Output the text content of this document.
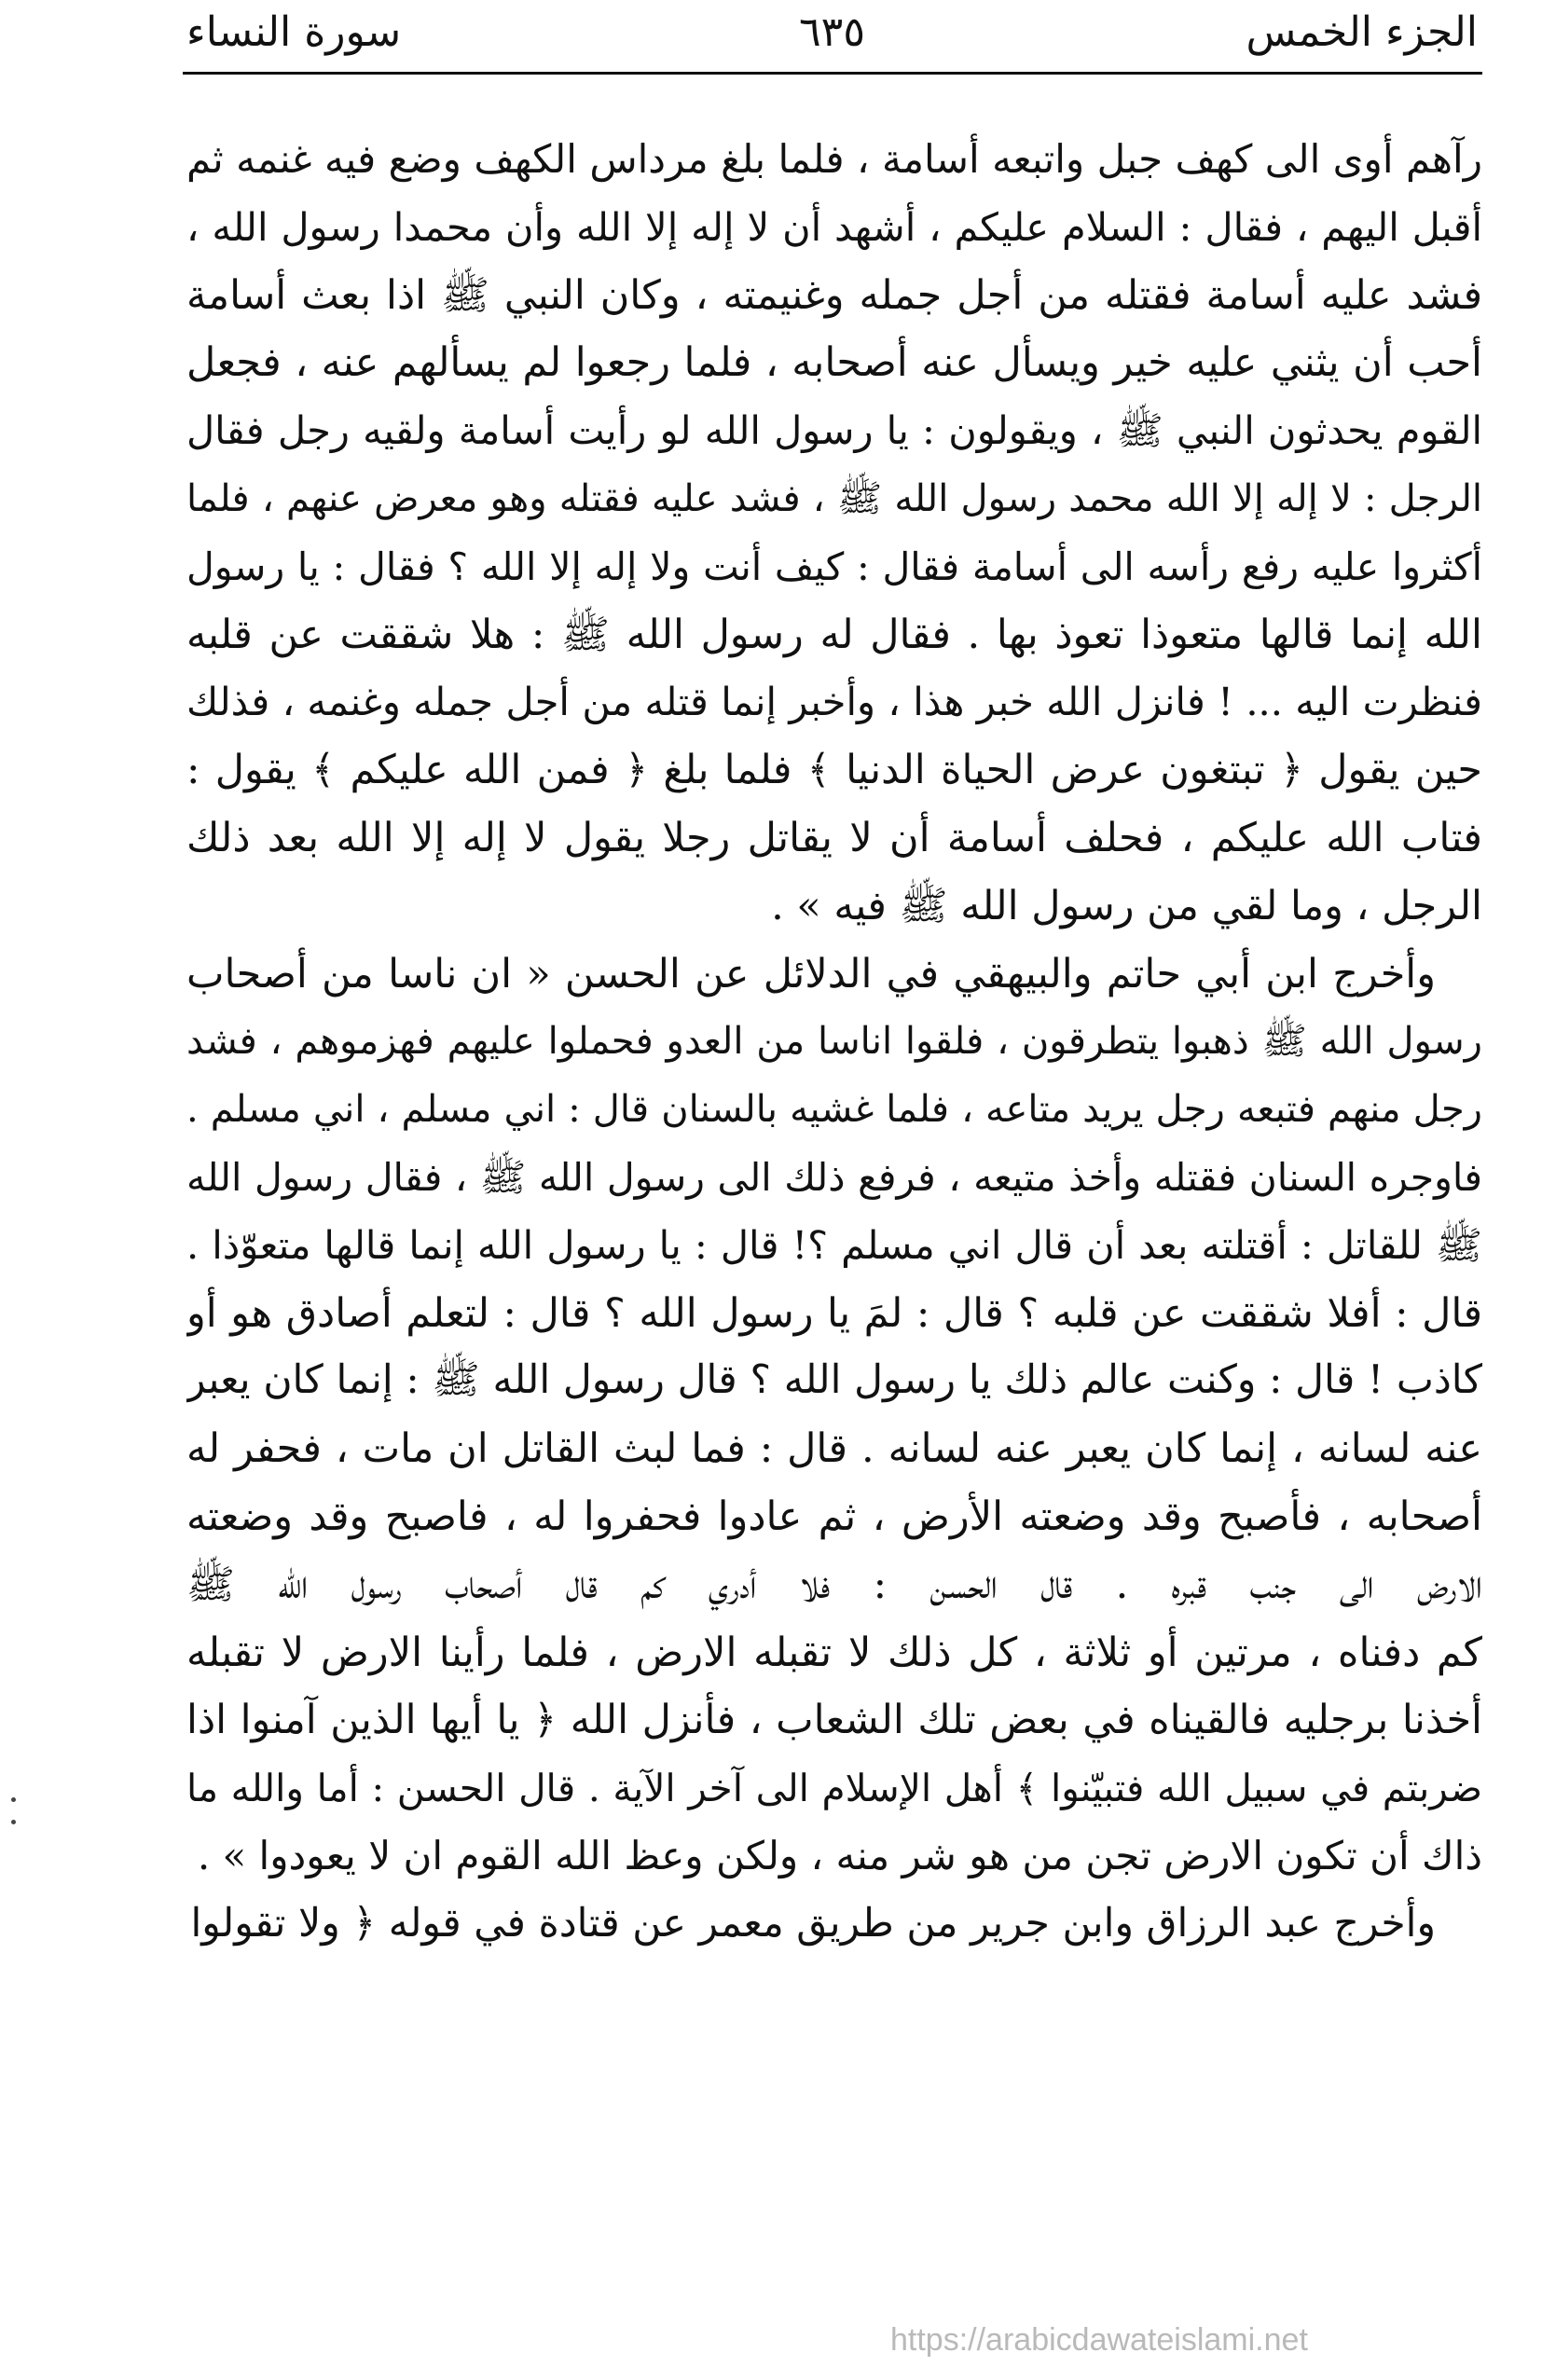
الجزء الخمس
٦٣٥
سورة النساء
رآهم أوى الى كهف جبل واتبعه أسامة ، فلما بلغ مرداس الكهف وضع فيه غنمه ثم
أقبل اليهم ، فقال : السلام عليكم ، أشهد أن لا إله إلا الله وأن محمدا رسول الله ،
فشد عليه أسامة فقتله من أجل جمله وغنيمته ، وكان النبي ﷺ اذا بعث أسامة
أحب أن يثني عليه خير ويسأل عنه أصحابه ، فلما رجعوا لم يسألهم عنه ، فجعل
القوم يحدثون النبي ﷺ ، ويقولون : يا رسول الله لو رأيت أسامة ولقيه رجل فقال
الرجل : لا إله إلا الله محمد رسول الله ﷺ ، فشد عليه فقتله وهو معرض عنهم ، فلما
أكثروا عليه رفع رأسه الى أسامة فقال : كيف أنت ولا إله إلا الله ؟ فقال : يا رسول
الله إنما قالها متعوذا تعوذ بها . فقال له رسول الله ﷺ : هلا شققت عن قلبه
فنظرت اليه ... ! فانزل الله خبر هذا ، وأخبر إنما قتله من أجل جمله وغنمه ، فذلك
حين يقول ﴿ تبتغون عرض الحياة الدنيا ﴾ فلما بلغ ﴿ فمن الله عليكم ﴾ يقول :
فتاب الله عليكم ، فحلف أسامة أن لا يقاتل رجلا يقول لا إله إلا الله بعد ذلك
الرجل ، وما لقي من رسول الله ﷺ فيه » .
وأخرج ابن أبي حاتم والبيهقي في الدلائل عن الحسن « ان ناسا من أصحاب
رسول الله ﷺ ذهبوا يتطرقون ، فلقوا اناسا من العدو فحملوا عليهم فهزموهم ، فشد
رجل منهم فتبعه رجل يريد متاعه ، فلما غشيه بالسنان قال : اني مسلم ، اني مسلم .
فاوجره السنان فقتله وأخذ متيعه ، فرفع ذلك الى رسول الله ﷺ ، فقال رسول الله
ﷺ للقاتل : أقتلته بعد أن قال اني مسلم ؟! قال : يا رسول الله إنما قالها متعوّذا .
قال : أفلا شققت عن قلبه ؟ قال : لمَ يا رسول الله ؟ قال : لتعلم أصادق هو أو
كاذب ! قال : وكنت عالم ذلك يا رسول الله ؟ قال رسول الله ﷺ : إنما كان يعبر
عنه لسانه ، إنما كان يعبر عنه لسانه . قال : فما لبث القاتل ان مات ، فحفر له
أصحابه ، فأصبح وقد وضعته الأرض ، ثم عادوا فحفروا له ، فاصبح وقد وضعته
الارض الى جنب قبره . قال الحسن : فلا أدري كم قال أصحاب رسول الله ﷺ
كم دفناه ، مرتين أو ثلاثة ، كل ذلك لا تقبله الارض ، فلما رأينا الارض لا تقبله
أخذنا برجليه فالقيناه في بعض تلك الشعاب ، فأنزل الله ﴿ يا أيها الذين آمنوا اذا
ضربتم في سبيل الله فتبيّنوا ﴾ أهل الإسلام الى آخر الآية . قال الحسن : أما والله ما
ذاك أن تكون الارض تجن من هو شر منه ، ولكن وعظ الله القوم ان لا يعودوا » .
وأخرج عبد الرزاق وابن جرير من طريق معمر عن قتادة في قوله ﴿ ولا تقولوا
https://arabicdawateislami.net
